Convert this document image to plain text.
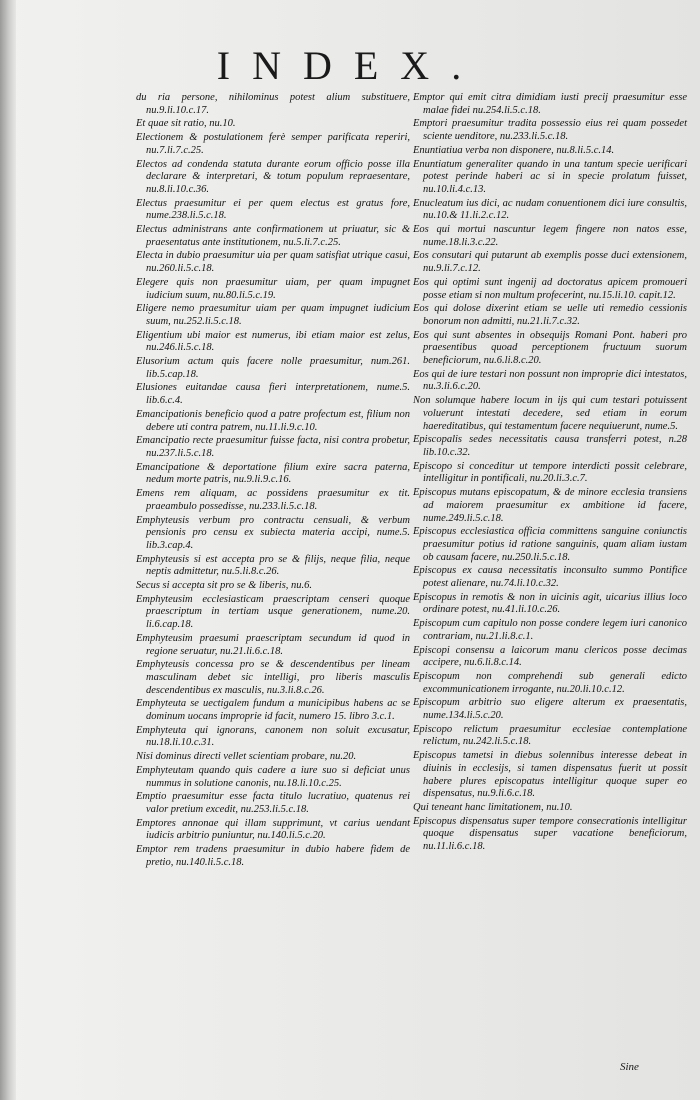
INDEX.

du ria persone, nihilominus potest alium substituere, nu.9.li.10.c.17.

Et quae sit ratio, nu.10.

Electionem & postulationem ferè semper parificata reperiri, nu.7.li.7.c.25.

Electos ad condenda statuta durante eorum officio posse illa declarare & interpretari, & totum populum repraesentare, nu.8.li.10.c.36.

Electus praesumitur ei per quem electus est gratus fore, nume.238.li.5.c.18.

Electus administrans ante confirmationem ut priuatur, sic & praesentatus ante institutionem, nu.5.li.7.c.25.

Electa in dubio praesumitur uia per quam satisfiat utrique casui, nu.260.li.5.c.18.

Elegere quis non praesumitur uiam, per quam impugnet iudicium suum, nu.80.li.5.c.19.

Eligere nemo praesumitur uiam per quam impugnet iudicium suum, nu.252.li.5.c.18.

Eligentium ubi maior est numerus, ibi etiam maior est zelus, nu.246.li.5.c.18.

Elusorium actum quis facere nolle praesumitur, num.261. lib.5.cap.18.

Elusiones euitandae causa fieri interpretationem, nume.5. lib.6.c.4.

Emancipationis beneficio quod a patre profectum est, filium non debere uti contra patrem, nu.11.li.9.c.10.

Emancipatio recte praesumitur fuisse facta, nisi contra probetur, nu.237.li.5.c.18.

Emancipatione & deportatione filium exire sacra paterna, nedum morte patris, nu.9.li.9.c.16.

Emens rem aliquam, ac possidens praesumitur ex tit. praeambulo possedisse, nu.233.li.5.c.18.

Emphyteusis verbum pro contractu censuali, & verbum pensionis pro censu ex subiecta materia accipi, nume.5. lib.3.cap.4.

Emphyteusis si est accepta pro se & filijs, neque filia, neque neptis admittetur, nu.5.li.8.c.26.

Secus si accepta sit pro se & liberis, nu.6.

Emphyteusim ecclesiasticam praescriptam censeri quoque praescriptum in tertiam usque generationem, nume.20. li.6.cap.18.

Emphyteusim praesumi praescriptam secundum id quod in regione seruatur, nu.21.li.6.c.18.

Emphyteusis concessa pro se & descendentibus per lineam masculinam debet sic intelligi, pro liberis masculis descendentibus ex masculis, nu.3.li.8.c.26.

Emphyteuta se uectigalem fundum a municipibus habens ac se dominum uocans improprie id facit, numero 15. libro 3.c.1.

Emphyteuta qui ignorans, canonem non soluit excusatur, nu.18.li.10.c.31.

Nisi dominus directi vellet scientiam probare, nu.20.

Emphyteutam quando quis cadere a iure suo si deficiat unus nummus in solutione canonis, nu.18.li.10.c.25.

Emptio praesumitur esse facta titulo lucratiuo, quatenus rei valor pretium excedit, nu.253.li.5.c.18.

Emptores annonae qui illam supprimunt, vt carius uendant iudicis arbitrio puniuntur, nu.140.li.5.c.20.

Emptor rem tradens praesumitur in dubio habere fidem de pretio, nu.140.li.5.c.18.

Emptor qui emit citra dimidiam iusti precij praesumitur esse malae fidei nu.254.li.5.c.18.

Emptori praesumitur tradita possessio eius rei quam possedet sciente uenditore, nu.233.li.5.c.18.

Enuntiatiua verba non disponere, nu.8.li.5.c.14.

Enuntiatum generaliter quando in una tantum specie uerificari potest perinde haberi ac si in specie prolatum fuisset, nu.10.li.4.c.13.

Enucleatum ius dici, ac nudam conuentionem dici iure consultis, nu.10.& 11.li.2.c.12.

Eos qui mortui nascuntur legem fingere non natos esse, nume.18.li.3.c.22.

Eos consutari qui putarunt ab exemplis posse duci extensionem, nu.9.li.7.c.12.

Eos qui optimi sunt ingenij ad doctoratus apicem promoueri posse etiam si non multum profecerint, nu.15.li.10. capit.12.

Eos qui dolose dixerint etiam se uelle uti remedio cessionis bonorum non admitti, nu.21.li.7.c.32.

Eos qui sunt absentes in obsequijs Romani Pont. haberi pro praesentibus quoad perceptionem fructuum suorum beneficiorum, nu.6.li.8.c.20.

Eos qui de iure testari non possunt non improprie dici intestatos, nu.3.li.6.c.20.

Non solumque habere locum in ijs qui cum testari potuissent voluerunt intestati decedere, sed etiam in eorum haereditatibus, qui testamentum facere nequiuerunt, nume.5.

Episcopalis sedes necessitatis causa transferri potest, n.28 lib.10.c.32.

Episcopo si conceditur ut tempore interdicti possit celebrare, intelligitur in pontificali, nu.20.li.3.c.7.

Episcopus mutans episcopatum, & de minore ecclesia transiens ad maiorem praesumitur ex ambitione id facere, nume.249.li.5.c.18.

Episcopus ecclesiastica officia committens sanguine coniunctis praesumitur potius id ratione sanguinis, quam aliam iustam ob causam facere, nu.250.li.5.c.18.

Episcopus ex causa necessitatis inconsulto summo Pontifice potest alienare, nu.74.li.10.c.32.

Episcopus in remotis & non in uicinis agit, uicarius illius loco ordinare potest, nu.41.li.10.c.26.

Episcopum cum capitulo non posse condere legem iuri canonico contrariam, nu.21.li.8.c.1.

Episcopi consensu a laicorum manu clericos posse decimas accipere, nu.6.li.8.c.14.

Episcopum non comprehendi sub generali edicto excommunicationem irrogante, nu.20.li.10.c.12.

Episcopum arbitrio suo eligere alterum ex praesentatis, nume.134.li.5.c.20.

Episcopo relictum praesumitur ecclesiae contemplatione relictum, nu.242.li.5.c.18.

Episcopus tametsi in diebus solennibus interesse debeat in diuinis in ecclesijs, si tamen dispensatus fuerit ut possit habere plures episcopatus intelligitur quoque super eo dispensatus, nu.9.li.6.c.18.

Qui teneant hanc limitationem, nu.10.

Episcopus dispensatus super tempore consecrationis intelligitur quoque dispensatus super vacatione beneficiorum, nu.11.li.6.c.18.

Sine
